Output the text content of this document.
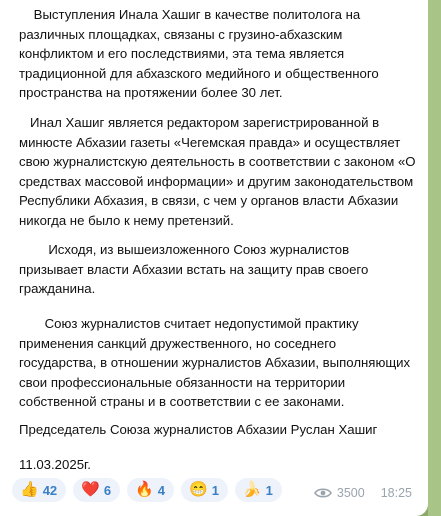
Выступления Инала Хашиг в качестве политолога на
различных площадках, связаны с грузино-абхазским
конфликтом и его последствиями, эта тема является
традиционной для абхазского медийного и общественного
пространства на протяжении более 30 лет.

Инал Хашиг является редактором зарегистрированной в
минюсте Абхазии газеты «Чегемская правда» и осуществляет
свою журналистскую деятельность в соответствии с законом «О
средствах массовой информации» и другим законодательством
Республики Абхазия, в связи, с чем у органов власти Абхазии
никогда не было к нему претензий.

Исходя, из вышеизложенного Союз журналистов
призывает власти Абхазии встать на защиту прав своего
гражданина.

Союз журналистов считает недопустимой практику
применения санкций дружественного, но соседнего
государства, в отношении журналистов Абхазии, выполняющих
свои профессиональные обязанности на территории
собственной страны и в соответствии с ее законами.

Председатель Союза журналистов Абхазии Руслан Хашиг

11.03.2025г.

👍 42 ❤️ 6 🔥 4 😁 1 🍌 1	3500 18:25
